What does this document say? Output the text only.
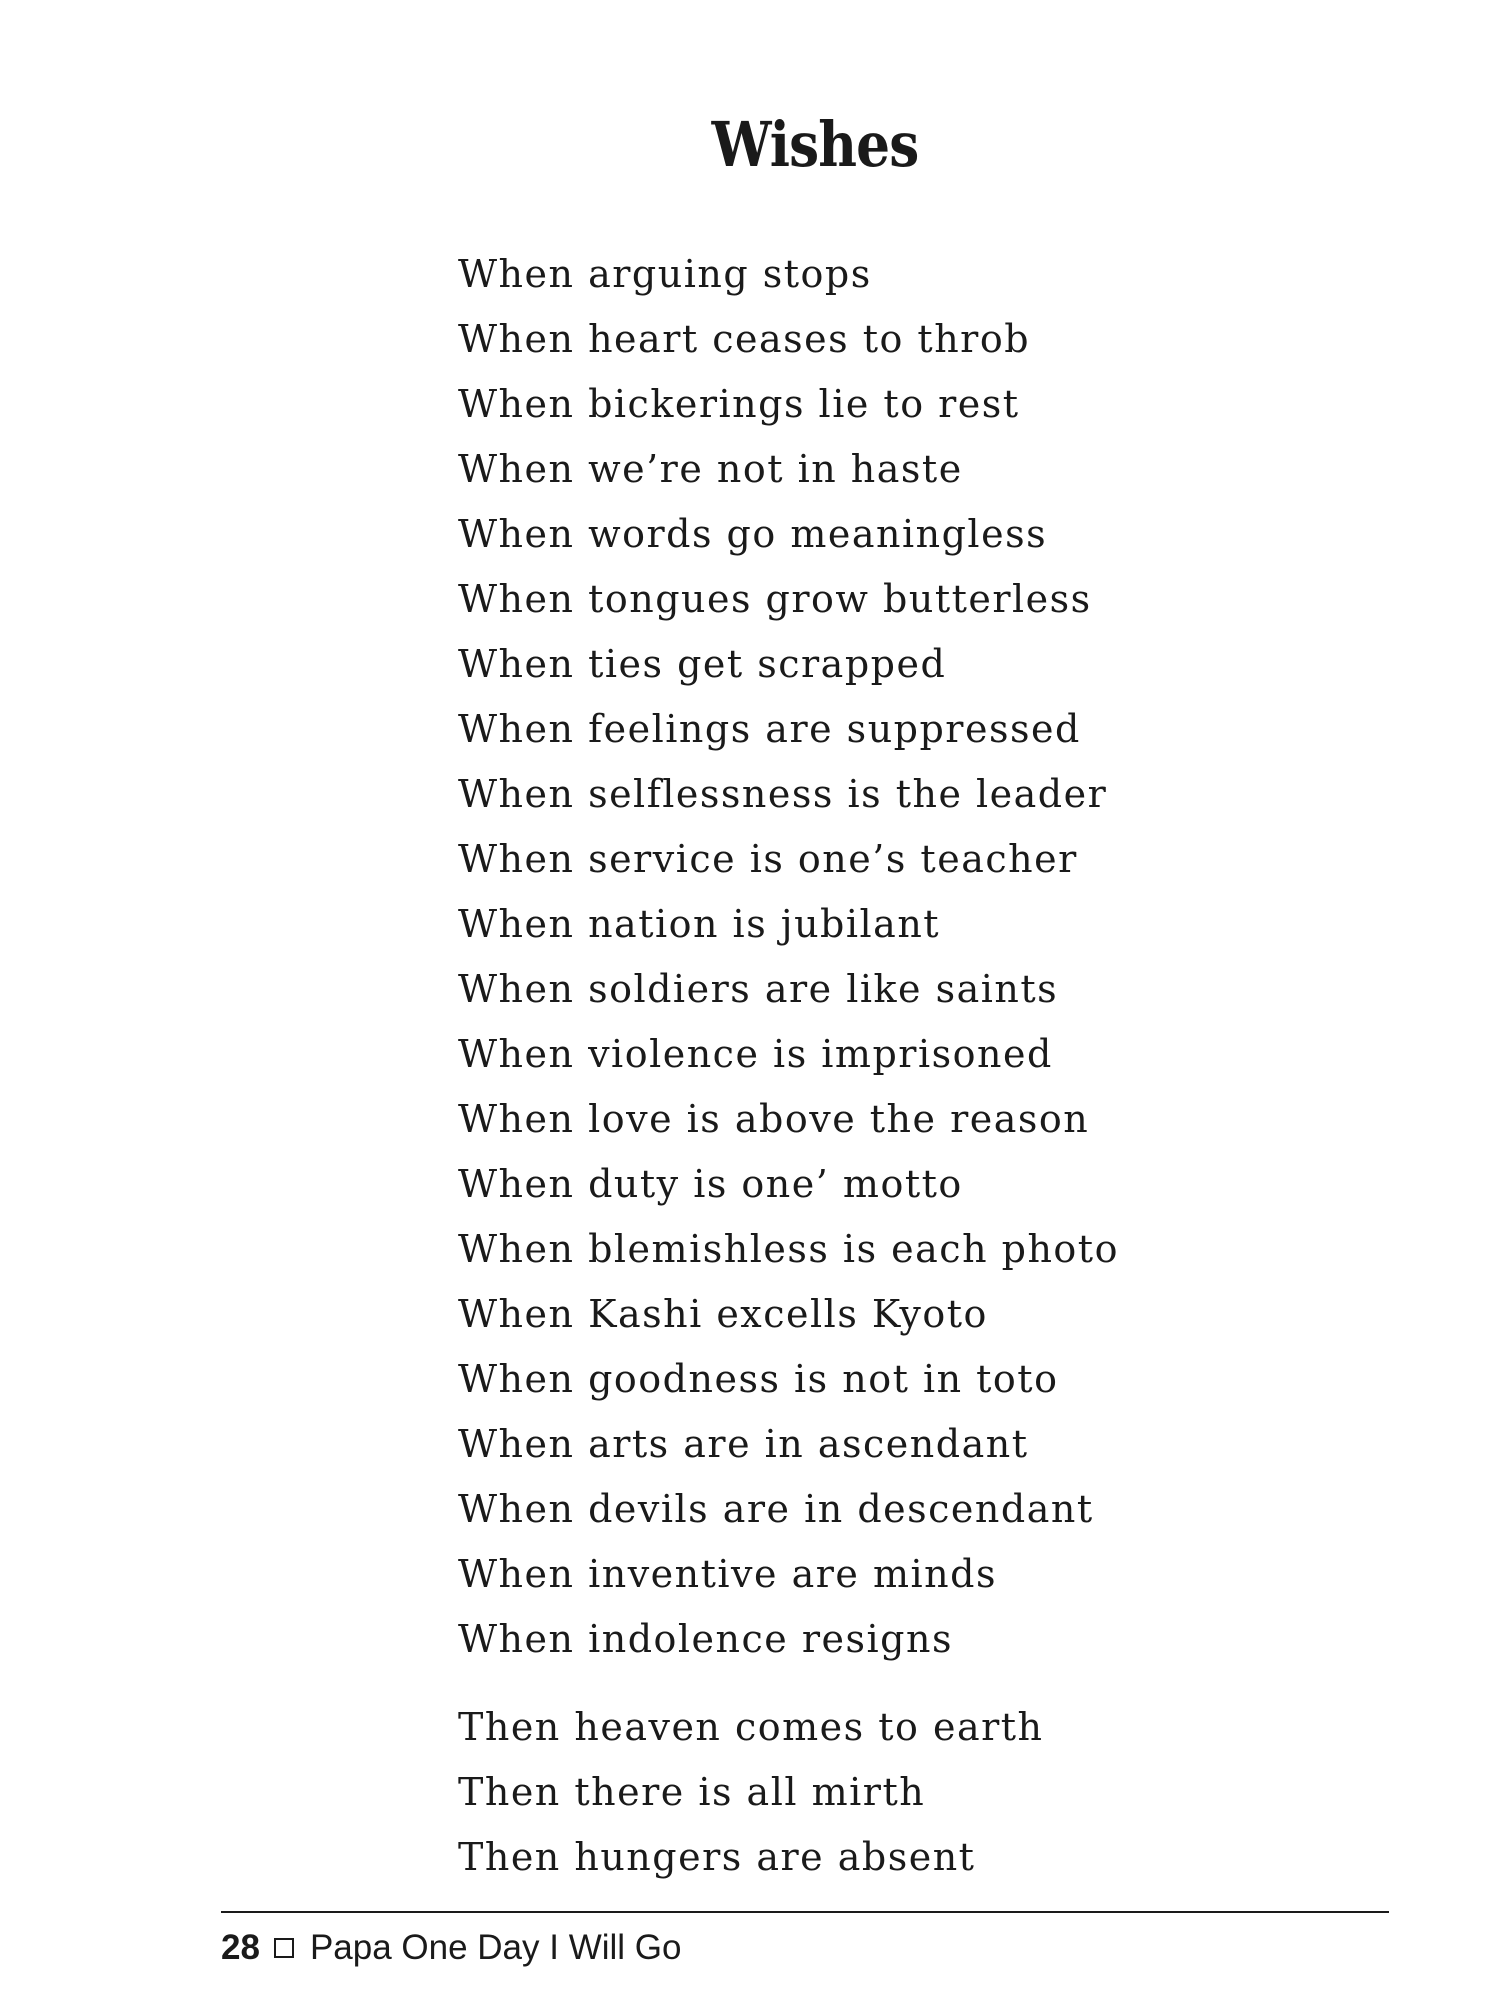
Wishes
When arguing stops
When heart ceases to throb
When bickerings lie to rest
When we’re not in haste
When words go meaningless
When tongues grow butterless
When ties get scrapped
When feelings are suppressed
When selflessness is the leader
When service is one’s teacher
When nation is jubilant
When soldiers are like saints
When violence is imprisoned
When love is above the reason
When duty is one’ motto
When blemishless is each photo
When Kashi excells Kyoto
When goodness is not in toto
When arts are in ascendant
When devils are in descendant
When inventive are minds
When indolence resigns
Then heaven comes to earth
Then there is all mirth
Then hungers are absent
28 Papa One Day I Will Go
